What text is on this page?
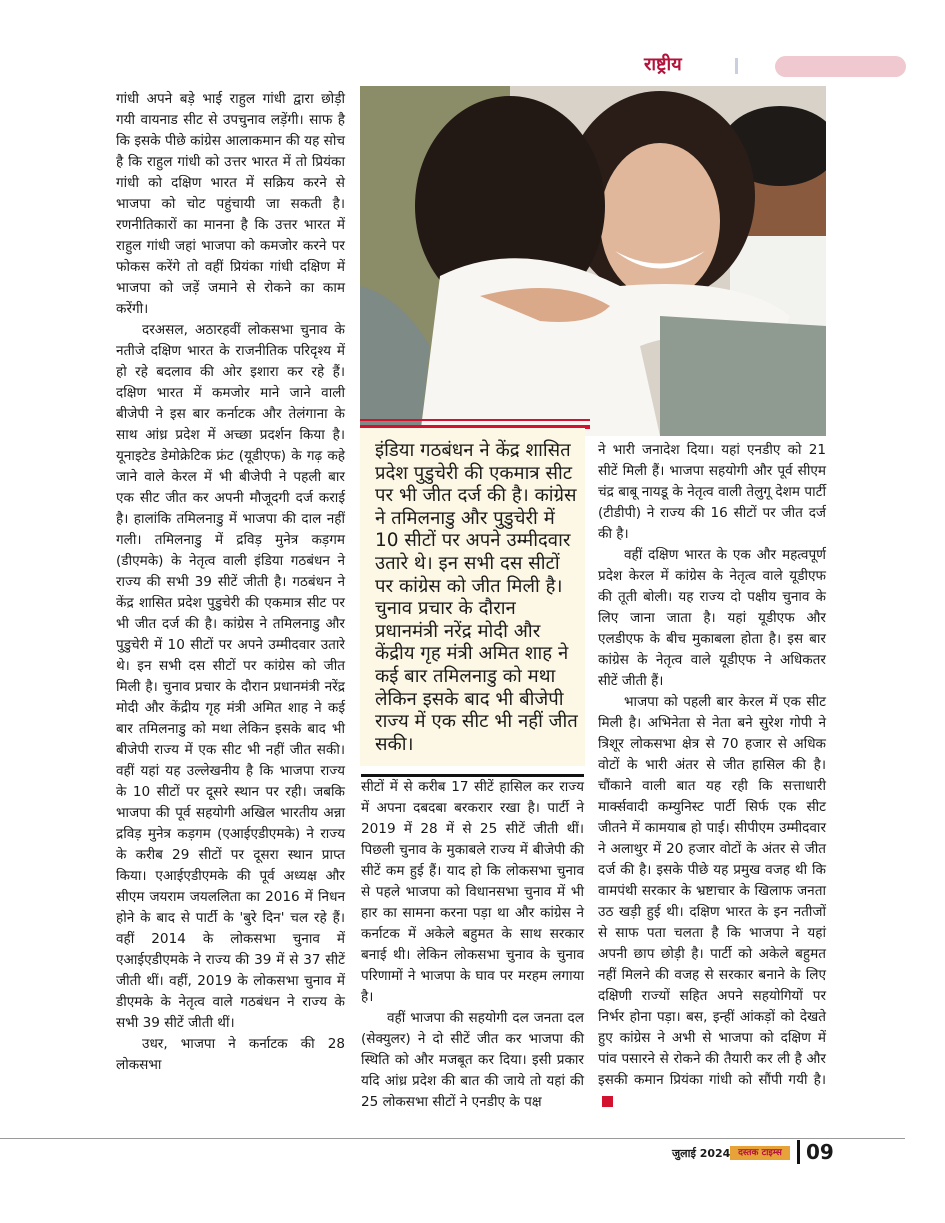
राष्ट्रीय

गांधी अपने बड़े भाई राहुल गांधी द्वारा छोड़ी गयी वायनाड सीट से उपचुनाव लड़ेंगी। साफ है कि इसके पीछे कांग्रेस आलाकमान की यह सोच है कि राहुल गांधी को उत्तर भारत में तो प्रियंका गांधी को दक्षिण भारत में सक्रिय करने से भाजपा को चोट पहुंचायी जा सकती है। रणनीतिकारों का मानना है कि उत्तर भारत में राहुल गांधी जहां भाजपा को कमजोर करने पर फोकस करेंगे तो वहीं प्रियंका गांधी दक्षिण में भाजपा को जड़ें जमाने से रोकने का काम करेंगी।

दरअसल, अठारहवीं लोकसभा चुनाव के नतीजे दक्षिण भारत के राजनीतिक परिदृश्य में हो रहे बदलाव की ओर इशारा कर रहे हैं। दक्षिण भारत में कमजोर माने जाने वाली बीजेपी ने इस बार कर्नाटक और तेलंगाना के साथ आंध्र प्रदेश में अच्छा प्रदर्शन किया है। यूनाइटेड डेमोक्रेटिक फ्रंट (यूडीएफ) के गढ़ कहे जाने वाले केरल में भी बीजेपी ने पहली बार एक सीट जीत कर अपनी मौजूदगी दर्ज कराई है। हालांकि तमिलनाडु में भाजपा की दाल नहीं गली। तमिलनाडु में द्रविड़ मुनेत्र कड़गम (डीएमके) के नेतृत्व वाली इंडिया गठबंधन ने राज्य की सभी 39 सीटें जीती है। गठबंधन ने केंद्र शासित प्रदेश पुडुचेरी की एकमात्र सीट पर भी जीत दर्ज की है। कांग्रेस ने तमिलनाडु और पुडुचेरी में 10 सीटों पर अपने उम्मीदवार उतारे थे। इन सभी दस सीटों पर कांग्रेस को जीत मिली है। चुनाव प्रचार के दौरान प्रधानमंत्री नरेंद्र मोदी और केंद्रीय गृह मंत्री अमित शाह ने कई बार तमिलनाडु को मथा लेकिन इसके बाद भी बीजेपी राज्य में एक सीट भी नहीं जीत सकी। वहीं यहां यह उल्लेखनीय है कि भाजपा राज्य के 10 सीटों पर दूसरे स्थान पर रही। जबकि भाजपा की पूर्व सहयोगी अखिल भारतीय अन्ना द्रविड़ मुनेत्र कड़गम (एआईएडीएमके) ने राज्य के करीब 29 सीटों पर दूसरा स्थान प्राप्त किया। एआईएडीएमके की पूर्व अध्यक्ष और सीएम जयराम जयललिता का 2016 में निधन होने के बाद से पार्टी के 'बुरे दिन' चल रहे हैं। वहीं 2014 के लोकसभा चुनाव में एआईएडीएमके ने राज्य की 39 में से 37 सीटें जीती थीं। वहीं, 2019 के लोकसभा चुनाव में डीएमके के नेतृत्व वाले गठबंधन ने राज्य के सभी 39 सीटें जीती थीं।

उधर, भाजपा ने कर्नाटक की 28 लोकसभा

इंडिया गठबंधन ने केंद्र शासित प्रदेश पुडुचेरी की एकमात्र सीट पर भी जीत दर्ज की है। कांग्रेस ने तमिलनाडु और पुडुचेरी में 10 सीटों पर अपने उम्मीदवार उतारे थे। इन सभी दस सीटों पर कांग्रेस को जीत मिली है। चुनाव प्रचार के दौरान प्रधानमंत्री नरेंद्र मोदी और केंद्रीय गृह मंत्री अमित शाह ने कई बार तमिलनाडु को मथा लेकिन इसके बाद भी बीजेपी राज्य में एक सीट भी नहीं जीत सकी।

सीटों में से करीब 17 सीटें हासिल कर राज्य में अपना दबदबा बरकरार रखा है। पार्टी ने 2019 में 28 में से 25 सीटें जीती थीं। पिछली चुनाव के मुकाबले राज्य में बीजेपी की सीटें कम हुई हैं। याद हो कि लोकसभा चुनाव से पहले भाजपा को विधानसभा चुनाव में भी हार का सामना करना पड़ा था और कांग्रेस ने कर्नाटक में अकेले बहुमत के साथ सरकार बनाई थी। लेकिन लोकसभा चुनाव के चुनाव परिणामों ने भाजपा के घाव पर मरहम लगाया है।

वहीं भाजपा की सहयोगी दल जनता दल (सेक्युलर) ने दो सीटें जीत कर भाजपा की स्थिति को और मजबूत कर दिया। इसी प्रकार यदि आंध्र प्रदेश की बात की जाये तो यहां की 25 लोकसभा सीटों ने एनडीए के पक्ष

ने भारी जनादेश दिया। यहां एनडीए को 21 सीटें मिली हैं। भाजपा सहयोगी और पूर्व सीएम चंद्र बाबू नायडू के नेतृत्व वाली तेलुगू देशम पार्टी (टीडीपी) ने राज्य की 16 सीटों पर जीत दर्ज की है।

वहीं दक्षिण भारत के एक और महत्वपूर्ण प्रदेश केरल में कांग्रेस के नेतृत्व वाले यूडीएफ की तूती बोली। यह राज्य दो पक्षीय चुनाव के लिए जाना जाता है। यहां यूडीएफ और एलडीएफ के बीच मुकाबला होता है। इस बार कांग्रेस के नेतृत्व वाले यूडीएफ ने अधिकतर सीटें जीती हैं।

भाजपा को पहली बार केरल में एक सीट मिली है। अभिनेता से नेता बने सुरेश गोपी ने त्रिशूर लोकसभा क्षेत्र से 70 हजार से अधिक वोटों के भारी अंतर से जीत हासिल की है। चौंकाने वाली बात यह रही कि सत्ताधारी मार्क्सवादी कम्युनिस्ट पार्टी सिर्फ एक सीट जीतने में कामयाब हो पाई। सीपीएम उम्मीदवार ने अलाथुर में 20 हजार वोटों के अंतर से जीत दर्ज की है। इसके पीछे यह प्रमुख वजह थी कि वामपंथी सरकार के भ्रष्टाचार के खिलाफ जनता उठ खड़ी हुई थी। दक्षिण भारत के इन नतीजों से साफ पता चलता है कि भाजपा ने यहां अपनी छाप छोड़ी है। पार्टी को अकेले बहुमत नहीं मिलने की वजह से सरकार बनाने के लिए दक्षिणी राज्यों सहित अपने सहयोगियों पर निर्भर होना पड़ा। बस, इन्हीं आंकड़ों को देखते हुए कांग्रेस ने अभी से भाजपा को दक्षिण में पांव पसारने से रोकने की तैयारी कर ली है और इसकी कमान प्रियंका गांधी को सौंपी गयी है।

जुलाई 2024 दस्तक टाइम्स	09
